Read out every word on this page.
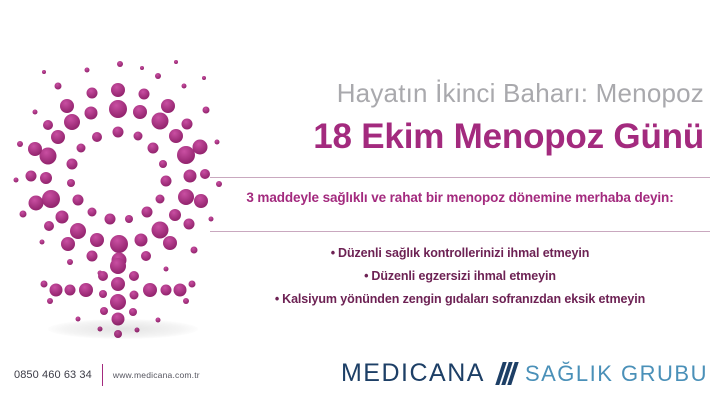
Hayatın İkinci Baharı: Menopoz
18 Ekim Menopoz Günü
3 maddeyle sağlıklı ve rahat bir menopoz dönemine merhaba deyin:
• Düzenli sağlık kontrollerinizi ihmal etmeyin
• Düzenli egzersizi ihmal etmeyin
• Kalsiyum yönünden zengin gıdaları sofranızdan eksik etmeyin
0850 460 63 34 www.medicana.com.tr	MEDICANA SAĞLIK GRUBU
